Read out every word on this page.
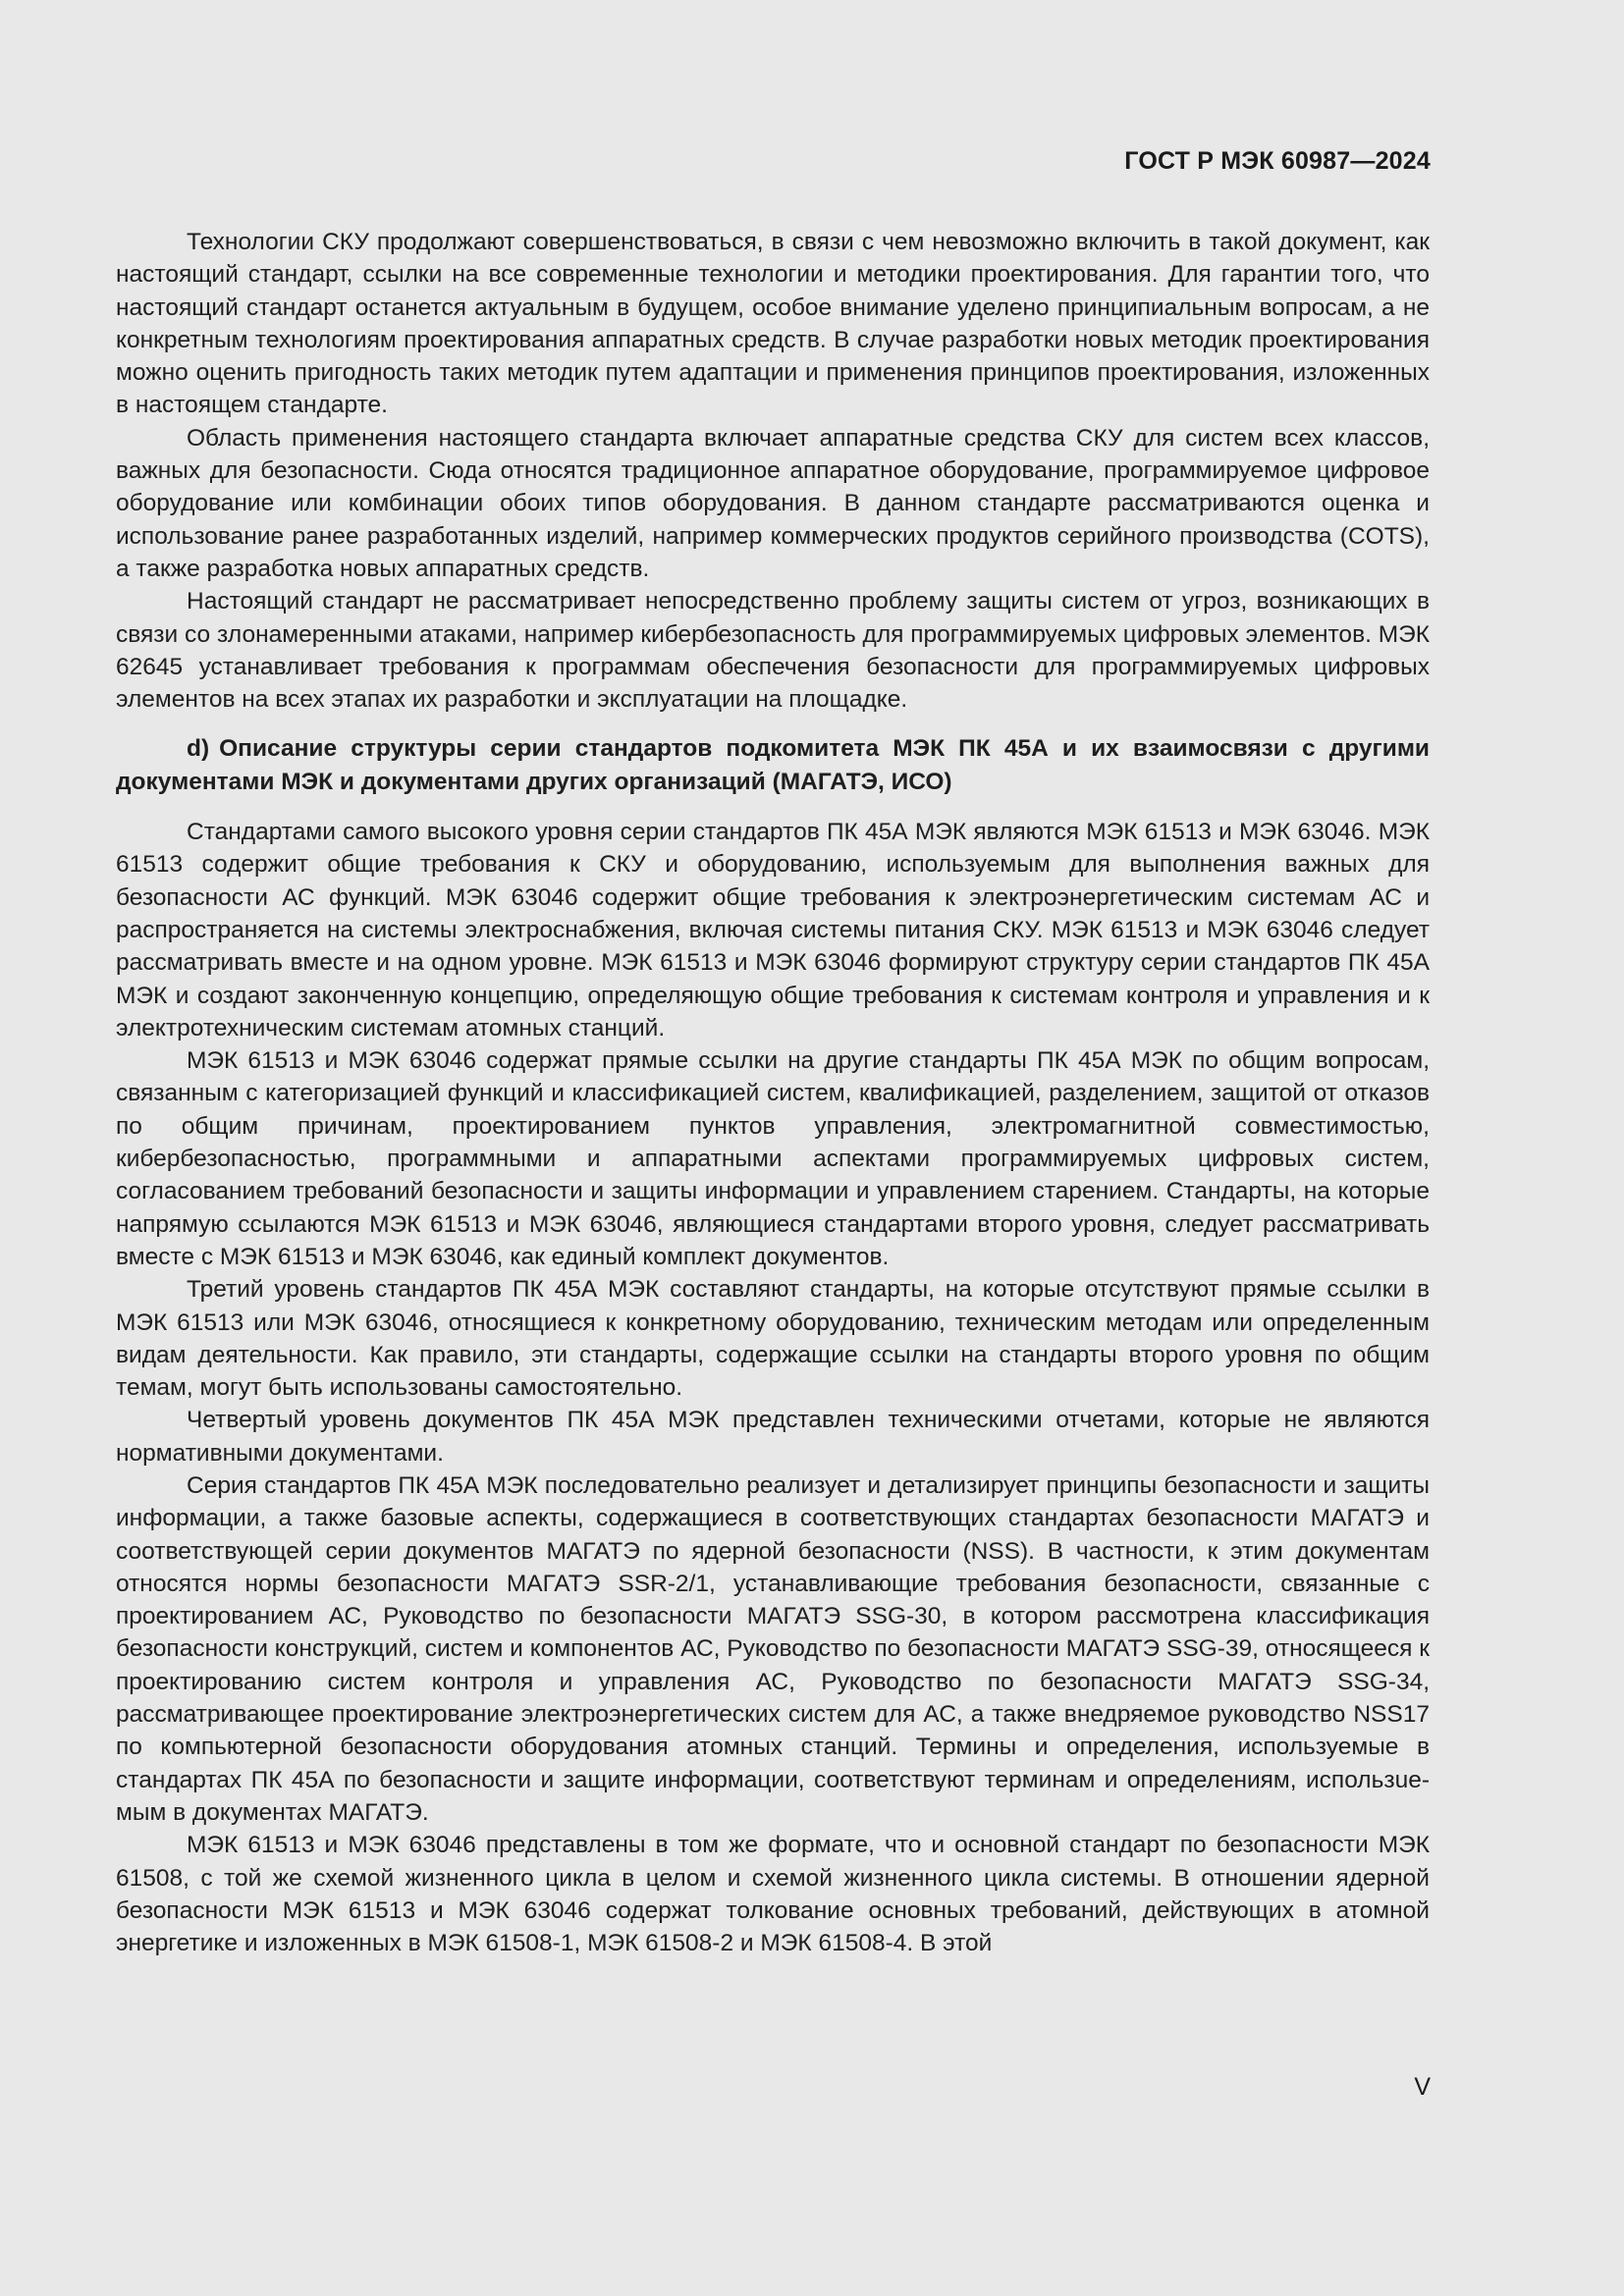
ГОСТ Р МЭК 60987—2024

Технологии СКУ продолжают совершенствоваться, в связи с чем невозможно включить в такой документ, как настоящий стандарт, ссылки на все современные технологии и методики проектирования. Для гарантии того, что настоящий стандарт останется актуальным в будущем, особое внимание уделено принципиальным вопросам, а не конкретным технологиям проектирования аппаратных средств. В случае разработки новых методик проектирования можно оценить пригодность таких методик путем адаптации и применения принципов проектирования, изложенных в настоящем стандарте.

Область применения настоящего стандарта включает аппаратные средства СКУ для систем всех классов, важных для безопасности. Сюда относятся традиционное аппаратное оборудование, программируемое цифровое оборудование или комбинации обоих типов оборудования. В данном стандарте рассматриваются оценка и использование ранее разработанных изделий, например коммерческих продуктов серийного производства (COTS), а также разработка новых аппаратных средств.

Настоящий стандарт не рассматривает непосредственно проблему защиты систем от угроз, возникающих в связи со злонамеренными атаками, например кибербезопасность для программируемых цифровых элементов. МЭК 62645 устанавливает требования к программам обеспечения безопасности для программируемых цифровых элементов на всех этапах их разработки и эксплуатации на площадке.

d) Описание структуры серии стандартов подкомитета МЭК ПК 45А и их взаимосвязи с другими документами МЭК и документами других организаций (МАГАТЭ, ИСО)

Стандартами самого высокого уровня серии стандартов ПК 45А МЭК являются МЭК 61513 и МЭК 63046. МЭК 61513 содержит общие требования к СКУ и оборудованию, используемым для выполнения важных для безопасности АС функций. МЭК 63046 содержит общие требования к электроэнергетическим системам АС и распространяется на системы электроснабжения, включая системы питания СКУ. МЭК 61513 и МЭК 63046 следует рассматривать вместе и на одном уровне. МЭК 61513 и МЭК 63046 формируют структуру серии стандартов ПК 45А МЭК и создают законченную концепцию, определяющую общие требования к системам контроля и управления и к электротехническим системам атомных станций.

МЭК 61513 и МЭК 63046 содержат прямые ссылки на другие стандарты ПК 45А МЭК по общим вопросам, связанным с категоризацией функций и классификацией систем, квалификацией, разделением, защитой от отказов по общим причинам, проектированием пунктов управления, электромагнитной совместимостью, кибербезопасностью, программными и аппаратными аспектами программируемых цифровых систем, согласованием требований безопасности и защиты информации и управлением старением. Стандарты, на которые напрямую ссылаются МЭК 61513 и МЭК 63046, являющиеся стандартами второго уровня, следует рассматривать вместе с МЭК 61513 и МЭК 63046, как единый комплект документов.

Третий уровень стандартов ПК 45А МЭК составляют стандарты, на которые отсутствуют прямые ссылки в МЭК 61513 или МЭК 63046, относящиеся к конкретному оборудованию, техническим методам или определенным видам деятельности. Как правило, эти стандарты, содержащие ссылки на стандарты второго уровня по общим темам, могут быть использованы самостоятельно.

Четвертый уровень документов ПК 45А МЭК представлен техническими отчетами, которые не являются нормативными документами.

Серия стандартов ПК 45А МЭК последовательно реализует и детализирует принципы безопасности и защиты информации, а также базовые аспекты, содержащиеся в соответствующих стандартах безопасности МАГАТЭ и соответствующей серии документов МАГАТЭ по ядерной безопасности (NSS). В частности, к этим документам относятся нормы безопасности МАГАТЭ SSR-2/1, устанавливающие требования безопасности, связанные с проектированием АС, Руководство по безопасности МАГАТЭ SSG-30, в котором рассмотрена классификация безопасности конструкций, систем и компонентов АС, Руководство по безопасности МАГАТЭ SSG-39, относящееся к проектированию систем контроля и управления АС, Руководство по безопасности МАГАТЭ SSG-34, рассматривающее проектирование электроэнергетических систем для АС, а также внедряемое руководство NSS17 по компьютерной безопасности оборудования атомных станций. Термины и определения, используемые в стандартах ПК 45А по безопасности и защите информации, соответствуют терминам и определениям, использueмым в документах МАГАТЭ.

МЭК 61513 и МЭК 63046 представлены в том же формате, что и основной стандарт по безопасности МЭК 61508, с той же схемой жизненного цикла в целом и схемой жизненного цикла системы. В отношении ядерной безопасности МЭК 61513 и МЭК 63046 содержат толкование основных требований, действующих в атомной энергетике и изложенных в МЭК 61508-1, МЭК 61508-2 и МЭК 61508-4. В этой

V
